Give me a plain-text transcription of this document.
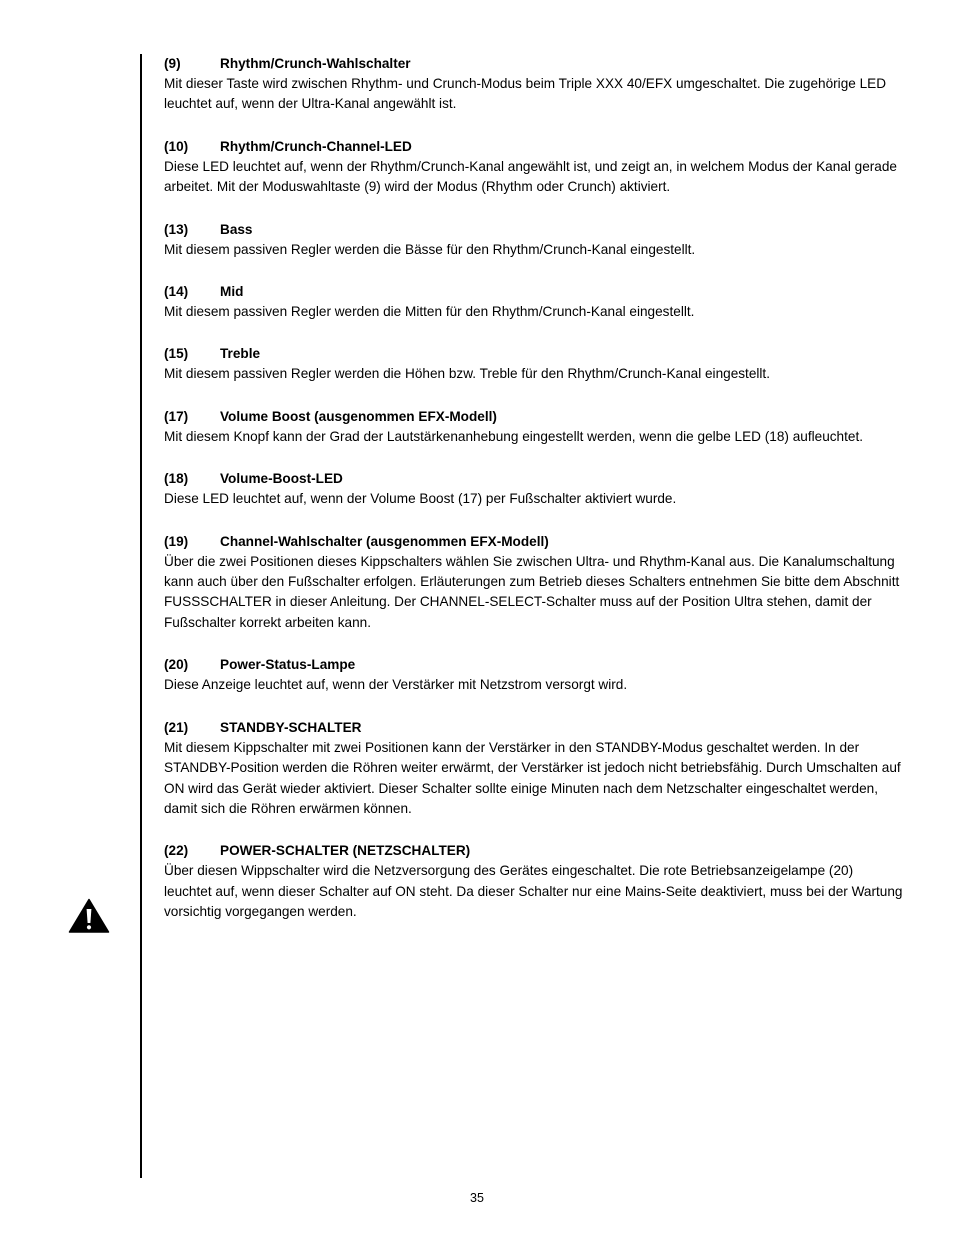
(9)	Rhythm/Crunch-Wahlschalter
Mit dieser Taste wird zwischen Rhythm- und Crunch-Modus beim Triple XXX 40/EFX umgeschaltet. Die zugehörige LED leuchtet auf, wenn der Ultra-Kanal angewählt ist.
(10) Rhythm/Crunch-Channel-LED
Diese LED leuchtet auf, wenn der Rhythm/Crunch-Kanal angewählt ist, und zeigt an, in welchem Modus der Kanal gerade arbeitet. Mit der Moduswahltaste (9) wird der Modus (Rhythm oder Crunch) aktiviert.
(13) Bass
Mit diesem passiven Regler werden die Bässe für den Rhythm/Crunch-Kanal eingestellt.
(14) Mid
Mit diesem passiven Regler werden die Mitten für den Rhythm/Crunch-Kanal eingestellt.
(15) Treble
Mit diesem passiven Regler werden die Höhen bzw. Treble für den Rhythm/Crunch-Kanal eingestellt.
(17) Volume Boost (ausgenommen EFX-Modell)
Mit diesem Knopf kann der Grad der Lautstärkenanhebung eingestellt werden, wenn die gelbe LED (18) aufleuchtet.
(18) Volume-Boost-LED
Diese LED leuchtet auf, wenn der Volume Boost (17) per Fußschalter aktiviert wurde.
(19) Channel-Wahlschalter (ausgenommen EFX-Modell)
Über die zwei Positionen dieses Kippschalters wählen Sie zwischen Ultra- und Rhythm-Kanal aus. Die Kanalumschaltung kann auch über den Fußschalter erfolgen. Erläuterungen zum Betrieb dieses Schalters entnehmen Sie bitte dem Abschnitt FUSSSCHALTER in dieser Anleitung. Der CHANNEL-SELECT-Schalter muss auf der Position Ultra stehen, damit der Fußschalter korrekt arbeiten kann.
(20) Power-Status-Lampe
Diese Anzeige leuchtet auf, wenn der Verstärker mit Netzstrom versorgt wird.
(21) STANDBY-SCHALTER
Mit diesem Kippschalter mit zwei Positionen kann der Verstärker in den STANDBY-Modus geschaltet werden. In der STANDBY-Position werden die Röhren weiter erwärmt, der Verstärker ist jedoch nicht betriebsfähig. Durch Umschalten auf ON wird das Gerät wieder aktiviert. Dieser Schalter sollte einige Minuten nach dem Netzschalter eingeschaltet werden, damit sich die Röhren erwärmen können.
(22) POWER-SCHALTER (NETZSCHALTER)
Über diesen Wippschalter wird die Netzversorgung des Gerätes eingeschaltet. Die rote Betriebsanzeigelampe (20) leuchtet auf, wenn dieser Schalter auf ON steht. Da dieser Schalter nur eine Mains-Seite deaktiviert, muss bei der Wartung vorsichtig vorgegangen werden.
35
